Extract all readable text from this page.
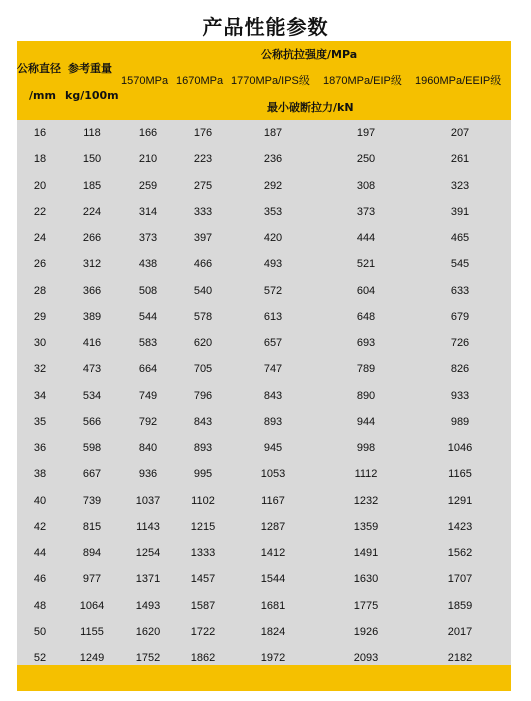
产品性能参数
公称直径
/mm
参考重量
kg/100m
公称抗拉强度/MPa
1570MPa 1670MPa 1770MPa/IPS级 1870MPa/EIP级 1960MPa/EEIP级
最小破断拉力/kN
16	118	166	176	187	197	207
18	150	210	223	236	250	261
20	185	259	275	292	308	323
22	224	314	333	353	373	391
24	266	373	397	420	444	465
26	312	438	466	493	521	545
28	366	508	540	572	604	633
29	389	544	578	613	648	679
30	416	583	620	657	693	726
32	473	664	705	747	789	826
34	534	749	796	843	890	933
35	566	792	843	893	944	989
36	598	840	893	945	998	1046
38	667	936	995	1053	1112	1165
40	739	1037	1102	1167	1232	1291
42	815	1143	1215	1287	1359	1423
44	894	1254	1333	1412	1491	1562
46	977	1371	1457	1544	1630	1707
48	1064	1493	1587	1681	1775	1859
50	1155	1620	1722	1824	1926	2017
52	1249	1752	1862	1972	2093	2182
